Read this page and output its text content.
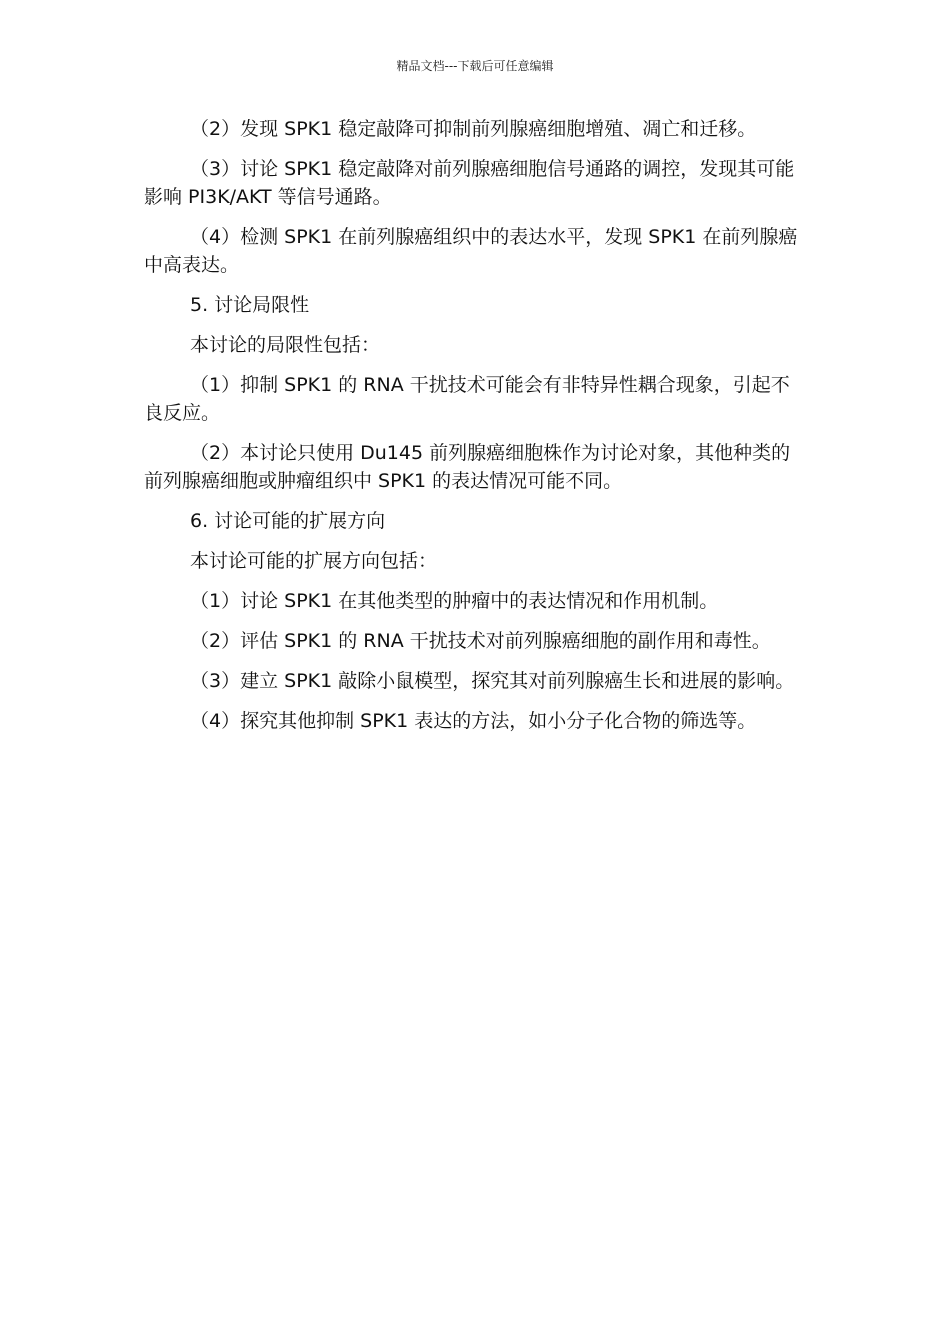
精品文档---下载后可任意编辑

（2）发现 SPK1 稳定敲降可抑制前列腺癌细胞增殖、凋亡和迁移。

（3）讨论 SPK1 稳定敲降对前列腺癌细胞信号通路的调控，发现其可能影响 PI3K/AKT 等信号通路。

（4）检测 SPK1 在前列腺癌组织中的表达水平，发现 SPK1 在前列腺癌中高表达。

5. 讨论局限性

本讨论的局限性包括：

（1）抑制 SPK1 的 RNA 干扰技术可能会有非特异性耦合现象，引起不良反应。

（2）本讨论只使用 Du145 前列腺癌细胞株作为讨论对象，其他种类的前列腺癌细胞或肿瘤组织中 SPK1 的表达情况可能不同。

6. 讨论可能的扩展方向

本讨论可能的扩展方向包括：

（1）讨论 SPK1 在其他类型的肿瘤中的表达情况和作用机制。

（2）评估 SPK1 的 RNA 干扰技术对前列腺癌细胞的副作用和毒性。

（3）建立 SPK1 敲除小鼠模型，探究其对前列腺癌生长和进展的影响。

（4）探究其他抑制 SPK1 表达的方法，如小分子化合物的筛选等。
